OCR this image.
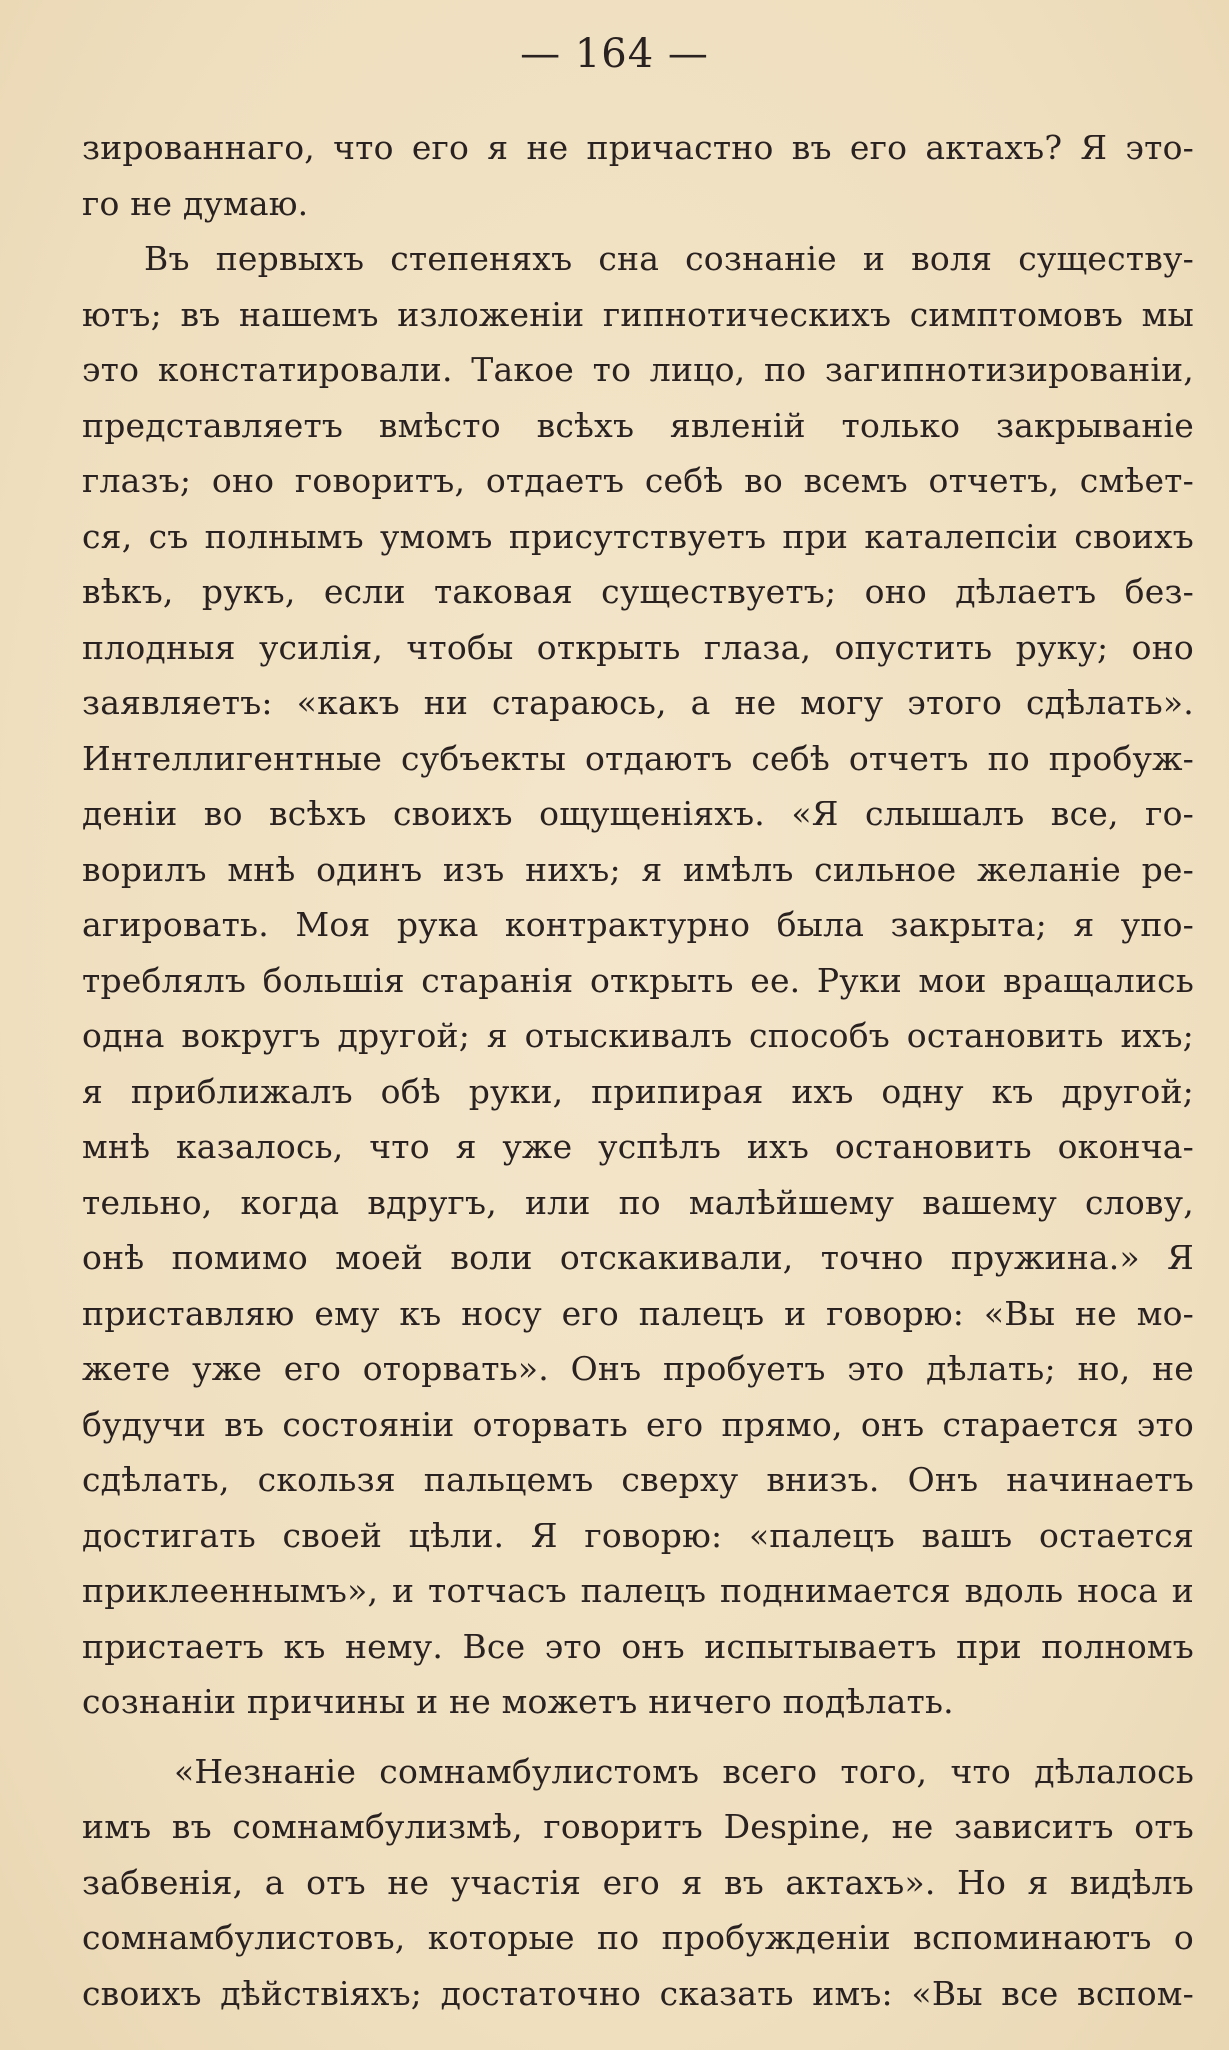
— 164 —
зированнаго, что его я не причастно въ его актахъ? Я это-
го не думаю.
Въ первыхъ степеняхъ сна сознаніе и воля существу-
ютъ; въ нашемъ изложеніи гипнотическихъ симптомовъ мы
это констатировали. Такое то лицо, по загипнотизированіи,
представляетъ вмѣсто всѣхъ явленій только закрываніе
глазъ; оно говоритъ, отдаетъ себѣ во всемъ отчетъ, смѣет-
ся, съ полнымъ умомъ присутствуетъ при каталепсіи своихъ
вѣкъ, рукъ, если таковая существуетъ; оно дѣлаетъ без-
плодныя усилія, чтобы открыть глаза, опустить руку; оно
заявляетъ: «какъ ни стараюсь, а не могу этого сдѣлать».
Интеллигентные субъекты отдаютъ себѣ отчетъ по пробуж-
деніи во всѣхъ своихъ ощущеніяхъ. «Я слышалъ все, го-
ворилъ мнѣ одинъ изъ нихъ; я имѣлъ сильное желаніе ре-
агировать. Моя рука контрактурно была закрыта; я упо-
треблялъ большія старанія открыть ее. Руки мои вращались
одна вокругъ другой; я отыскивалъ способъ остановить ихъ;
я приближалъ обѣ руки, припирая ихъ одну къ другой;
мнѣ казалось, что я уже успѣлъ ихъ остановить оконча-
тельно, когда вдругъ, или по малѣйшему вашему слову,
онѣ помимо моей воли отскакивали, точно пружина.» Я
приставляю ему къ носу его палецъ и говорю: «Вы не мо-
жете уже его оторвать». Онъ пробуетъ это дѣлать; но, не
будучи въ состояніи оторвать его прямо, онъ старается это
сдѣлать, скользя пальцемъ сверху внизъ. Онъ начинаетъ
достигать своей цѣли. Я говорю: «палецъ вашъ остается
приклееннымъ», и тотчасъ палецъ поднимается вдоль носа и
пристаетъ къ нему. Все это онъ испытываетъ при полномъ
сознаніи причины и не можетъ ничего подѣлать.
«Незнаніе сомнамбулистомъ всего того, что дѣлалось
имъ въ сомнамбулизмѣ, говоритъ Despine, не зависитъ отъ
забвенія, а отъ не участія его я въ актахъ». Но я видѣлъ
сомнамбулистовъ, которые по пробужденіи вспоминаютъ о
своихъ дѣйствіяхъ; достаточно сказать имъ: «Вы все вспом-
